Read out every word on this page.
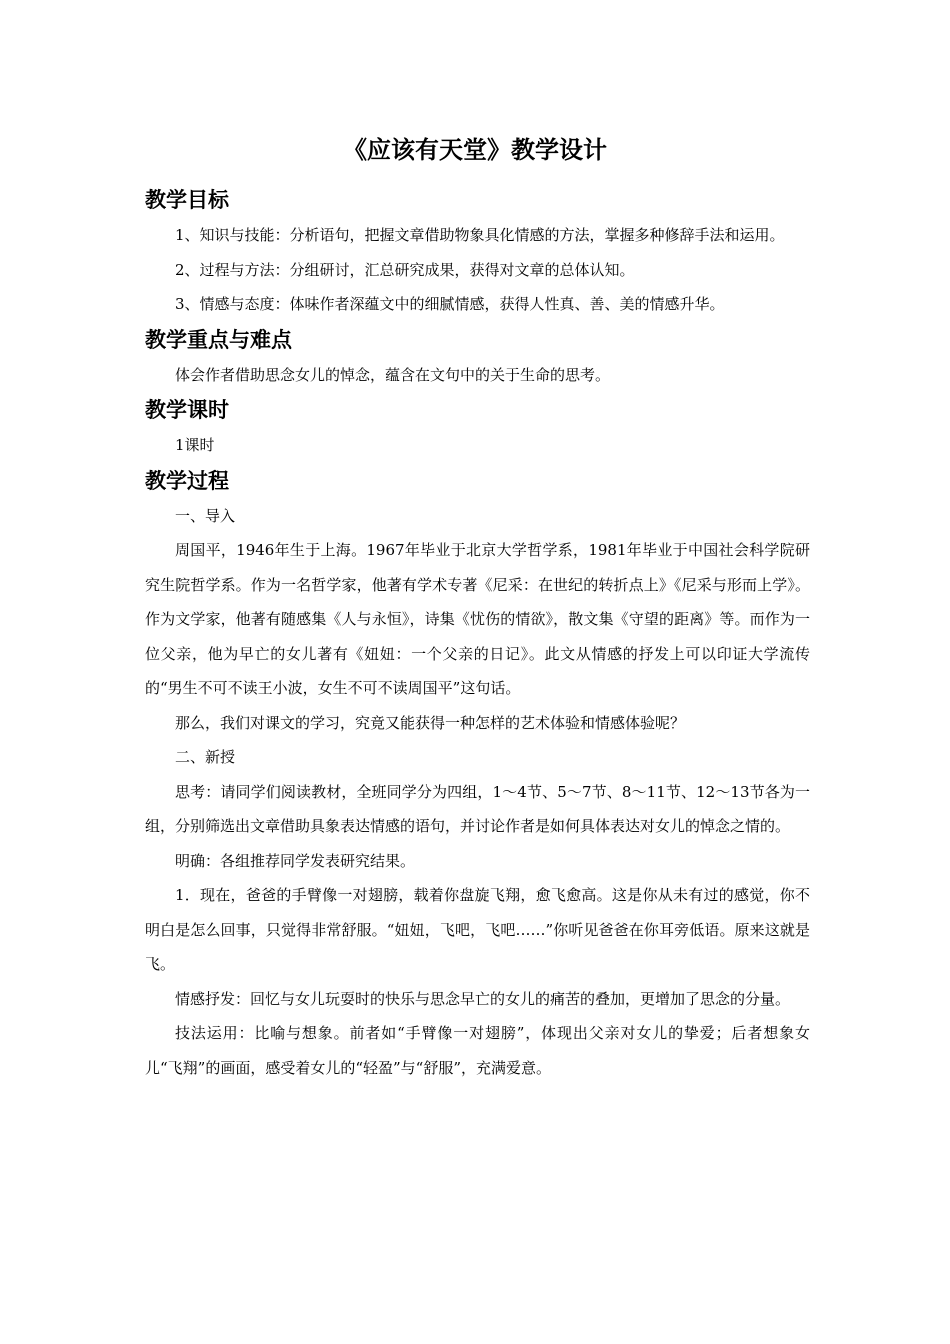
《应该有天堂》教学设计
教学目标

1、知识与技能：分析语句，把握文章借助物象具化情感的方法，掌握多种修辞手法和运用。

2、过程与方法：分组研讨，汇总研究成果，获得对文章的总体认知。

3、情感与态度：体味作者深蕴文中的细腻情感，获得人性真、善、美的情感升华。

教学重点与难点

体会作者借助思念女儿的悼念，蕴含在文句中的关于生命的思考。

教学课时

1课时

教学过程

一、导入

周国平，1946年生于上海。1967年毕业于北京大学哲学系，1981年毕业于中国社会科学院研究生院哲学系。作为一名哲学家，他著有学术专著《尼采：在世纪的转折点上》《尼采与形而上学》。作为文学家，他著有随感集《人与永恒》，诗集《忧伤的情欲》，散文集《守望的距离》等。而作为一位父亲，他为早亡的女儿著有《妞妞：一个父亲的日记》。此文从情感的抒发上可以印证大学流传的“男生不可不读王小波，女生不可不读周国平”这句话。

那么，我们对课文的学习，究竟又能获得一种怎样的艺术体验和情感体验呢？

二、新授

思考：请同学们阅读教材，全班同学分为四组，1～4节、5～7节、8～11节、12～13节各为一组，分别筛选出文章借助具象表达情感的语句，并讨论作者是如何具体表达对女儿的悼念之情的。

明确：各组推荐同学发表研究结果。

1．现在，爸爸的手臂像一对翅膀，载着你盘旋飞翔，愈飞愈高。这是你从未有过的感觉，你不明白是怎么回事，只觉得非常舒服。“妞妞，飞吧，飞吧……”你听见爸爸在你耳旁低语。原来这就是飞。

情感抒发：回忆与女儿玩耍时的快乐与思念早亡的女儿的痛苦的叠加，更增加了思念的分量。

技法运用：比喻与想象。前者如“手臂像一对翅膀”，体现出父亲对女儿的挚爱；后者想象女儿“飞翔”的画面，感受着女儿的“轻盈”与“舒服”，充满爱意。
